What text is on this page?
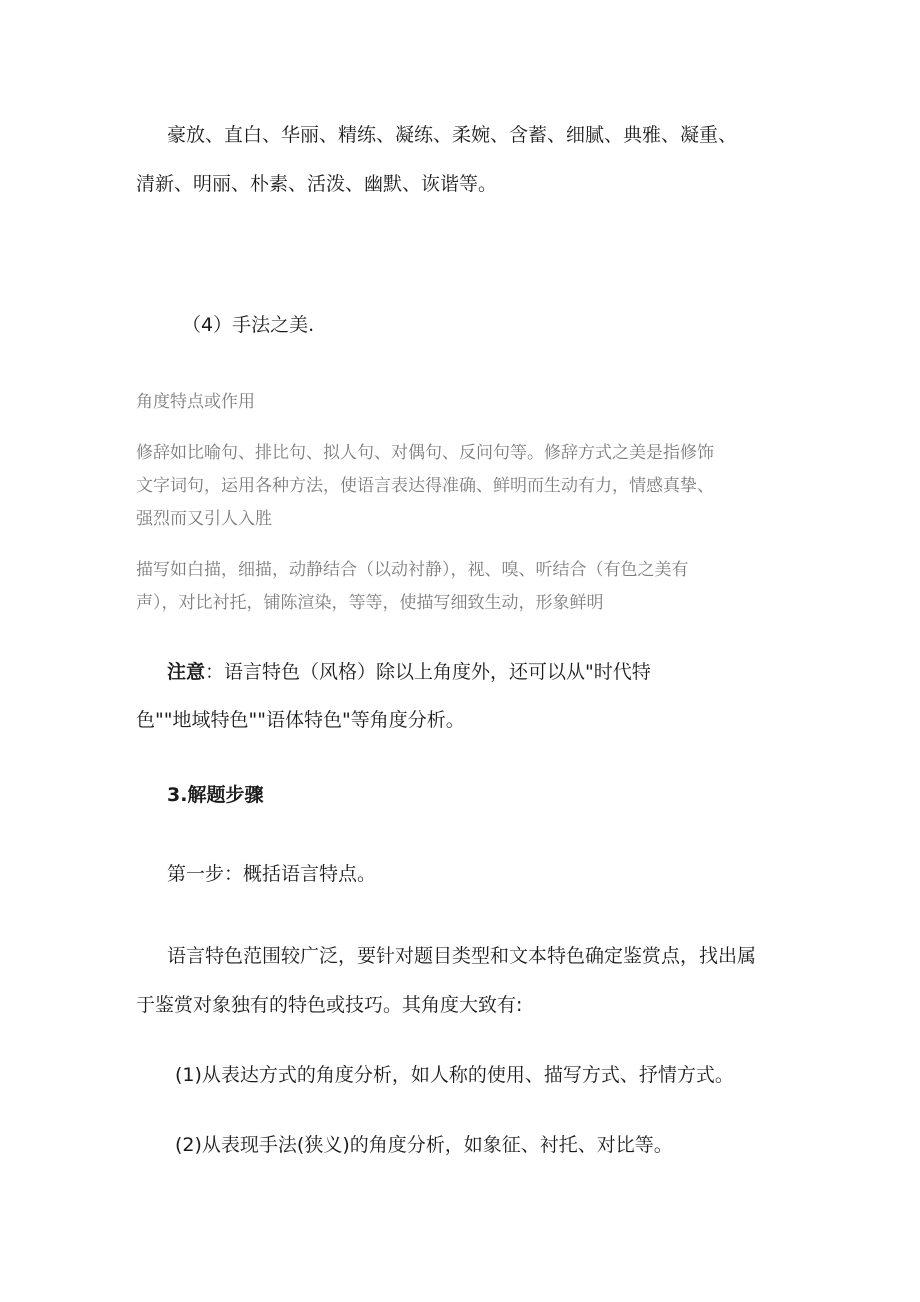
豪放、直白、华丽、精练、凝练、柔婉、含蓄、细腻、典雅、凝重、
清新、明丽、朴素、活泼、幽默、诙谐等。
（4）手法之美.
角度特点或作用
修辞如比喻句、排比句、拟人句、对偶句、反问句等。修辞方式之美是指修饰
文字词句，运用各种方法，使语言表达得准确、鲜明而生动有力，情感真挚、
强烈而又引人入胜
描写如白描，细描，动静结合（以动衬静），视、嗅、听结合（有色之美有
声），对比衬托，铺陈渲染，等等，使描写细致生动，形象鲜明
注意：语言特色（风格）除以上角度外，还可以从"时代特
色""地域特色""语体特色"等角度分析。
3.解题步骤
第一步：概括语言特点。
语言特色范围较广泛，要针对题目类型和文本特色确定鉴赏点，找出属
于鉴赏对象独有的特色或技巧。其角度大致有:
(1)从表达方式的角度分析，如人称的使用、描写方式、抒情方式。
(2)从表现手法(狭义)的角度分析，如象征、衬托、对比等。
